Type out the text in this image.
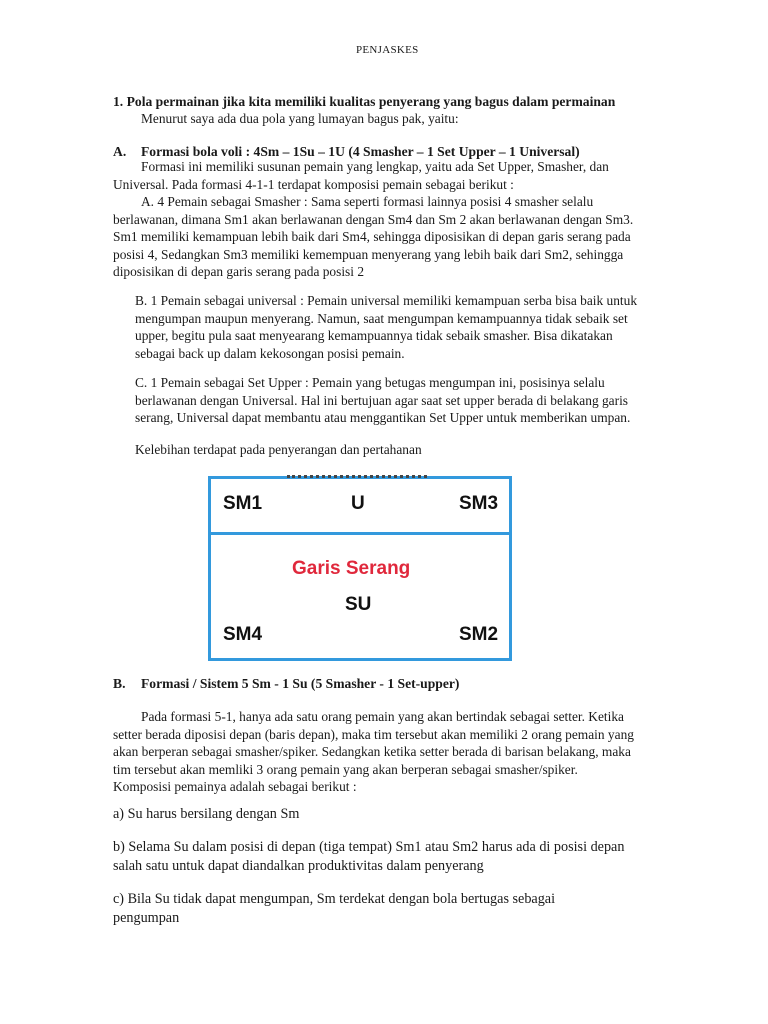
PENJASKES
1. Pola permainan jika kita memiliki kualitas penyerang yang bagus dalam permainan
Menurut saya ada dua pola yang lumayan bagus pak, yaitu:
A. Formasi bola voli : 4Sm – 1Su – 1U (4 Smasher – 1 Set Upper – 1 Universal)
Formasi ini memiliki susunan pemain yang lengkap, yaitu ada Set Upper, Smasher, dan
Universal. Pada formasi 4-1-1 terdapat komposisi pemain sebagai berikut :
A. 4 Pemain sebagai Smasher : Sama seperti formasi lainnya posisi 4 smasher selalu
berlawanan, dimana Sm1 akan berlawanan dengan Sm4 dan Sm 2 akan berlawanan dengan Sm3.
Sm1 memiliki kemampuan lebih baik dari Sm4, sehingga diposisikan di depan garis serang pada
posisi 4, Sedangkan Sm3 memiliki kemempuan menyerang yang lebih baik dari Sm2, sehingga
diposisikan di depan garis serang pada posisi 2
B. 1 Pemain sebagai universal : Pemain universal memiliki kemampuan serba bisa baik untuk
mengumpan maupun menyerang. Namun, saat mengumpan kemampuannya tidak sebaik set
upper, begitu pula saat menyearang kemampuannya tidak sebaik smasher. Bisa dikatakan
sebagai back up dalam kekosongan posisi pemain.
C. 1 Pemain sebagai Set Upper : Pemain yang betugas mengumpan ini, posisinya selalu
berlawanan dengan Universal. Hal ini bertujuan agar saat set upper berada di belakang garis
serang, Universal dapat membantu atau menggantikan Set Upper untuk memberikan umpan.
Kelebihan terdapat pada penyerangan dan pertahanan
SM1	U	SM3
Garis Serang
SU
SM4	SM2
B. Formasi / Sistem 5 Sm - 1 Su (5 Smasher - 1 Set-upper)
Pada formasi 5-1, hanya ada satu orang pemain yang akan bertindak sebagai setter. Ketika
setter berada diposisi depan (baris depan), maka tim tersebut akan memiliki 2 orang pemain yang
akan berperan sebagai smasher/spiker. Sedangkan ketika setter berada di barisan belakang, maka
tim tersebut akan memliki 3 orang pemain yang akan berperan sebagai smasher/spiker.
Komposisi pemainya adalah sebagai berikut :
a) Su harus bersilang dengan Sm
b) Selama Su dalam posisi di depan (tiga tempat) Sm1 atau Sm2 harus ada di posisi depan
salah satu untuk dapat diandalkan produktivitas dalam penyerang
c) Bila Su tidak dapat mengumpan, Sm terdekat dengan bola bertugas sebagai
pengumpan
